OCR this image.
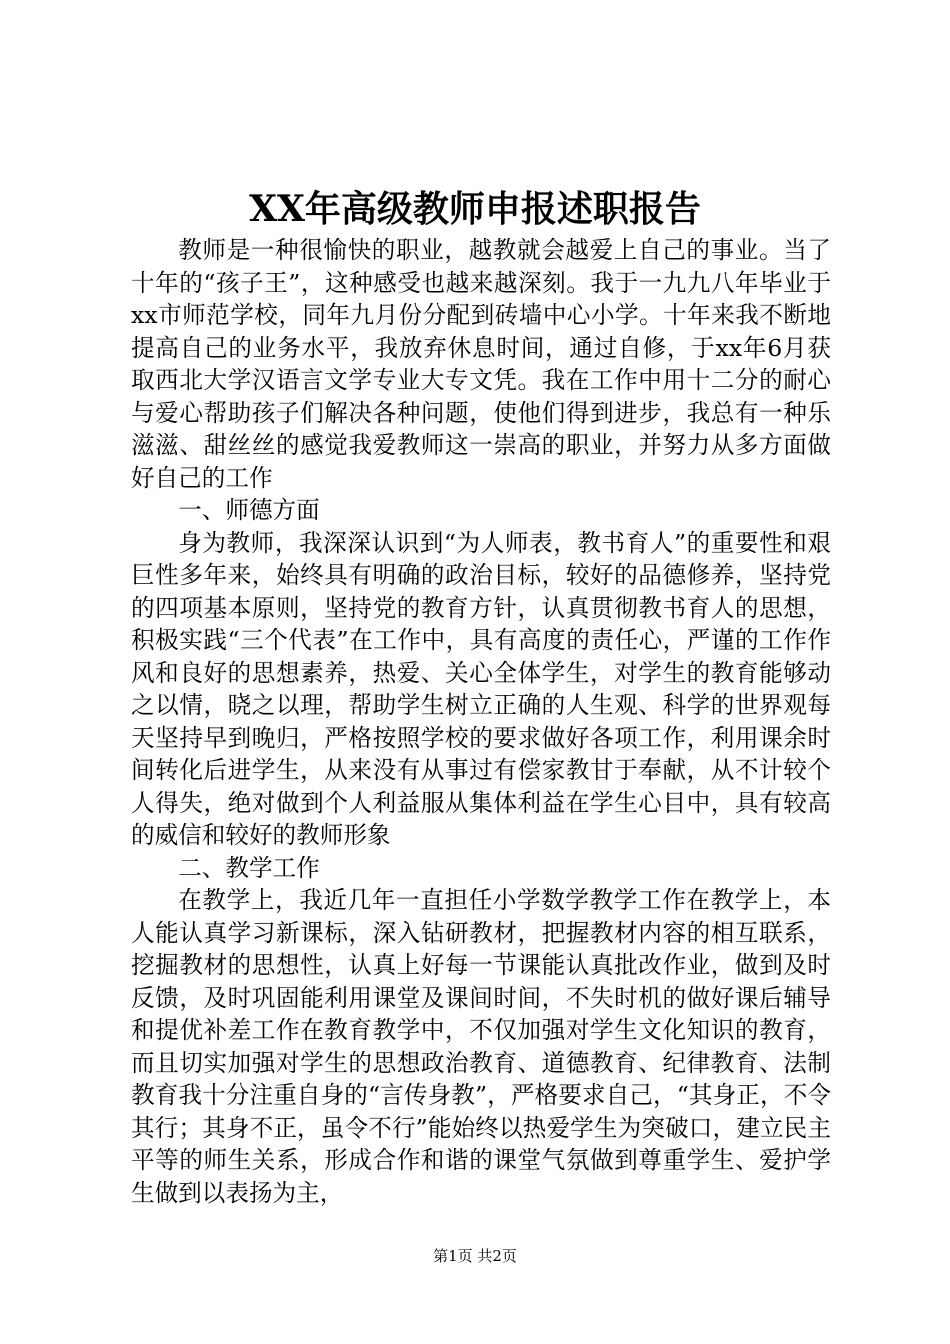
XX年高级教师申报述职报告

教师是一种很愉快的职业，越教就会越爱上自己的事业。当了十年的“孩子王”，这种感受也越来越深刻。我于一九九八年毕业于xx市师范学校，同年九月份分配到砖墙中心小学。十年来我不断地提高自己的业务水平，我放弃休息时间，通过自修，于xx年6月获取西北大学汉语言文学专业大专文凭。我在工作中用十二分的耐心与爱心帮助孩子们解决各种问题，使他们得到进步，我总有一种乐滋滋、甜丝丝的感觉我爱教师这一崇高的职业，并努力从多方面做好自己的工作

一、师德方面

身为教师，我深深认识到“为人师表，教书育人”的重要性和艰巨性多年来，始终具有明确的政治目标，较好的品德修养，坚持党的四项基本原则，坚持党的教育方针，认真贯彻教书育人的思想，积极实践“三个代表”在工作中，具有高度的责任心，严谨的工作作风和良好的思想素养，热爱、关心全体学生，对学生的教育能够动之以情，晓之以理，帮助学生树立正确的人生观、科学的世界观每天坚持早到晚归，严格按照学校的要求做好各项工作，利用课余时间转化后进学生，从来没有从事过有偿家教甘于奉献，从不计较个人得失，绝对做到个人利益服从集体利益在学生心目中，具有较高的威信和较好的教师形象

二、教学工作

在教学上，我近几年一直担任小学数学教学工作在教学上，本人能认真学习新课标，深入钻研教材，把握教材内容的相互联系，挖掘教材的思想性，认真上好每一节课能认真批改作业，做到及时反馈，及时巩固能利用课堂及课间时间，不失时机的做好课后辅导和提优补差工作在教育教学中，不仅加强对学生文化知识的教育，而且切实加强对学生的思想政治教育、道德教育、纪律教育、法制教育我十分注重自身的“言传身教”，严格要求自己，“其身正，不令其行；其身不正，虽令不行”能始终以热爱学生为突破口，建立民主平等的师生关系，形成合作和谐的课堂气氛做到尊重学生、爱护学生做到以表扬为主，

第1页 共2页
